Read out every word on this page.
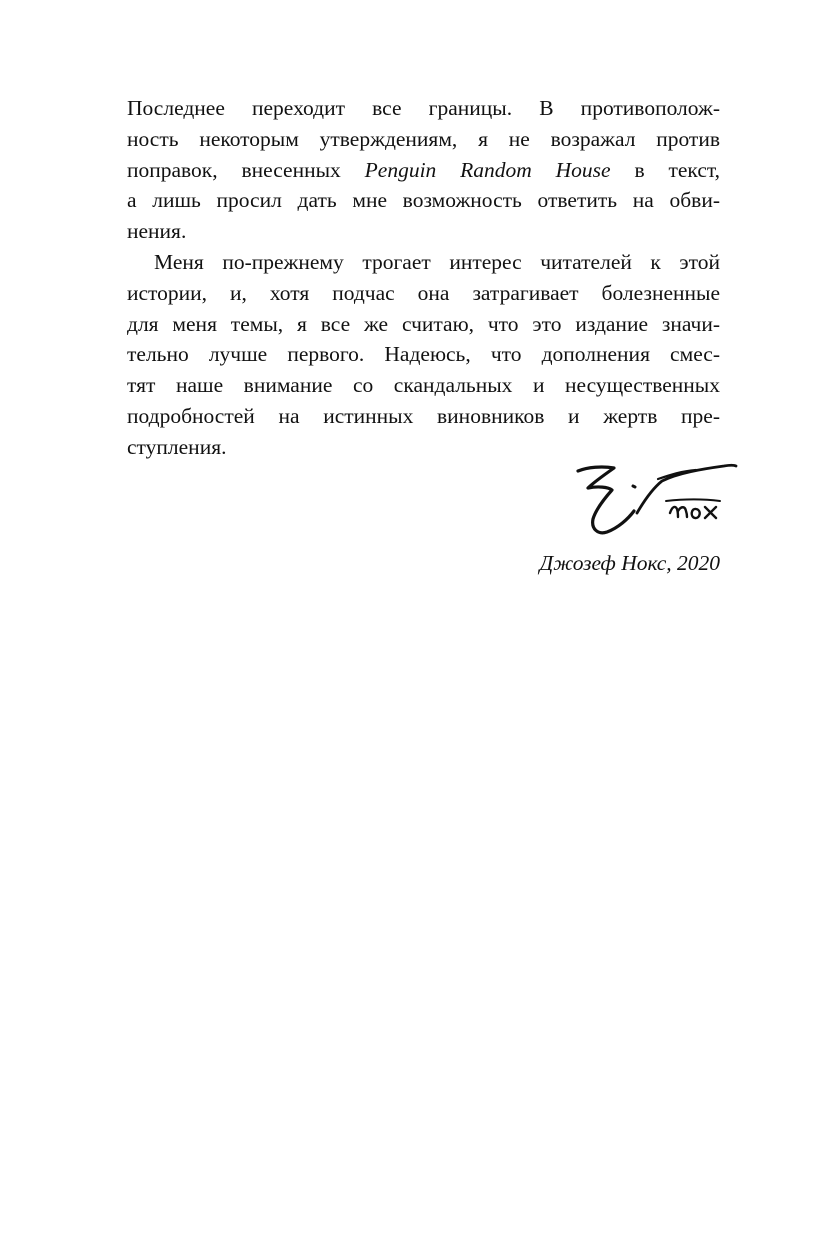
Последнее переходит все границы. В противополож-
ность некоторым утверждениям, я не возражал против
поправок, внесенных Penguin Random House в текст,
а лишь просил дать мне возможность ответить на обви-
нения.
Меня по-прежнему трогает интерес читателей к этой
истории, и, хотя подчас она затрагивает болезненные
для меня темы, я все же считаю, что это издание значи-
тельно лучше первого. Надеюсь, что дополнения смес-
тят наше внимание со скандальных и несущественных
подробностей на истинных виновников и жертв пре-
ступления.
Джозеф Нокс, 2020
